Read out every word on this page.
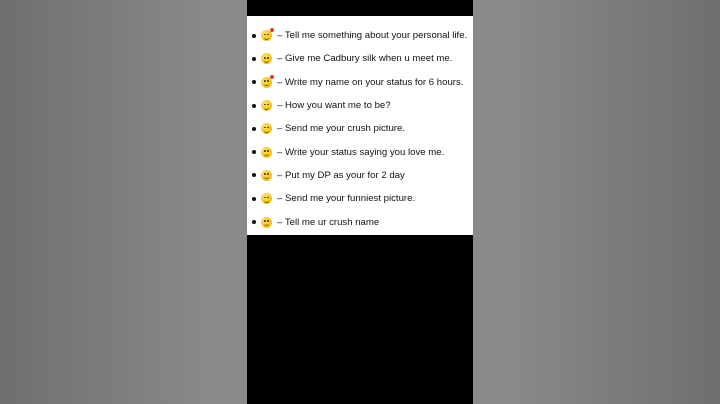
– Tell me something about your personal life.
– Give me Cadbury silk when u meet me.
– Write my name on your status for 6 hours.
– How you want me to be?
– Send me your crush picture.
– Write your status saying you love me.
– Put my DP as your for 2 day
– Send me your funniest picture.
– Tell me ur crush name
